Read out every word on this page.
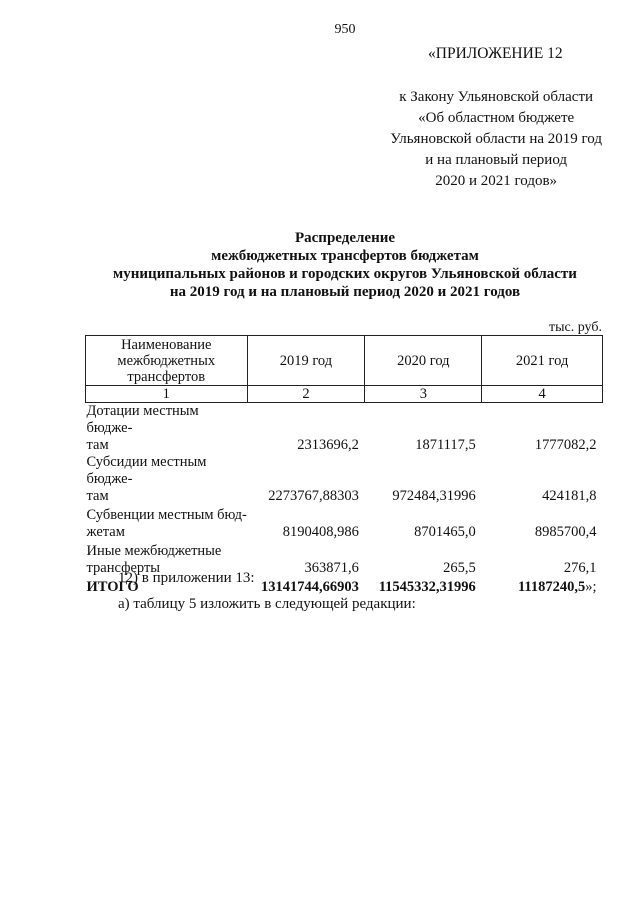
950
«ПРИЛОЖЕНИЕ 12
к Закону Ульяновской области
«Об областном бюджете
Ульяновской области на 2019 год
и на плановый период
2020 и 2021 годов»
Распределение
межбюджетных трансфертов бюджетам
муниципальных районов и городских округов Ульяновской области
на 2019 год и на плановый период 2020 и 2021 годов
тыс. руб.
Наименование
межбюджетных
трансфертов	2019 год	2020 год	2021 год
1	2	3	4

Дотации местным бюдже-
там	2313696,2	1871117,5	1777082,2

Субсидии местным бюдже-
там	2273767,88303	972484,31996	424181,8

Субвенции местным бюд-
жетам	8190408,986	8701465,0	8985700,4

Иные межбюджетные
трансферты	363871,6	265,5	276,1
ИТОГО	13141744,66903	11545332,31996	11187240,5»;
12) в приложении 13:
а) таблицу 5 изложить в следующей редакции:
